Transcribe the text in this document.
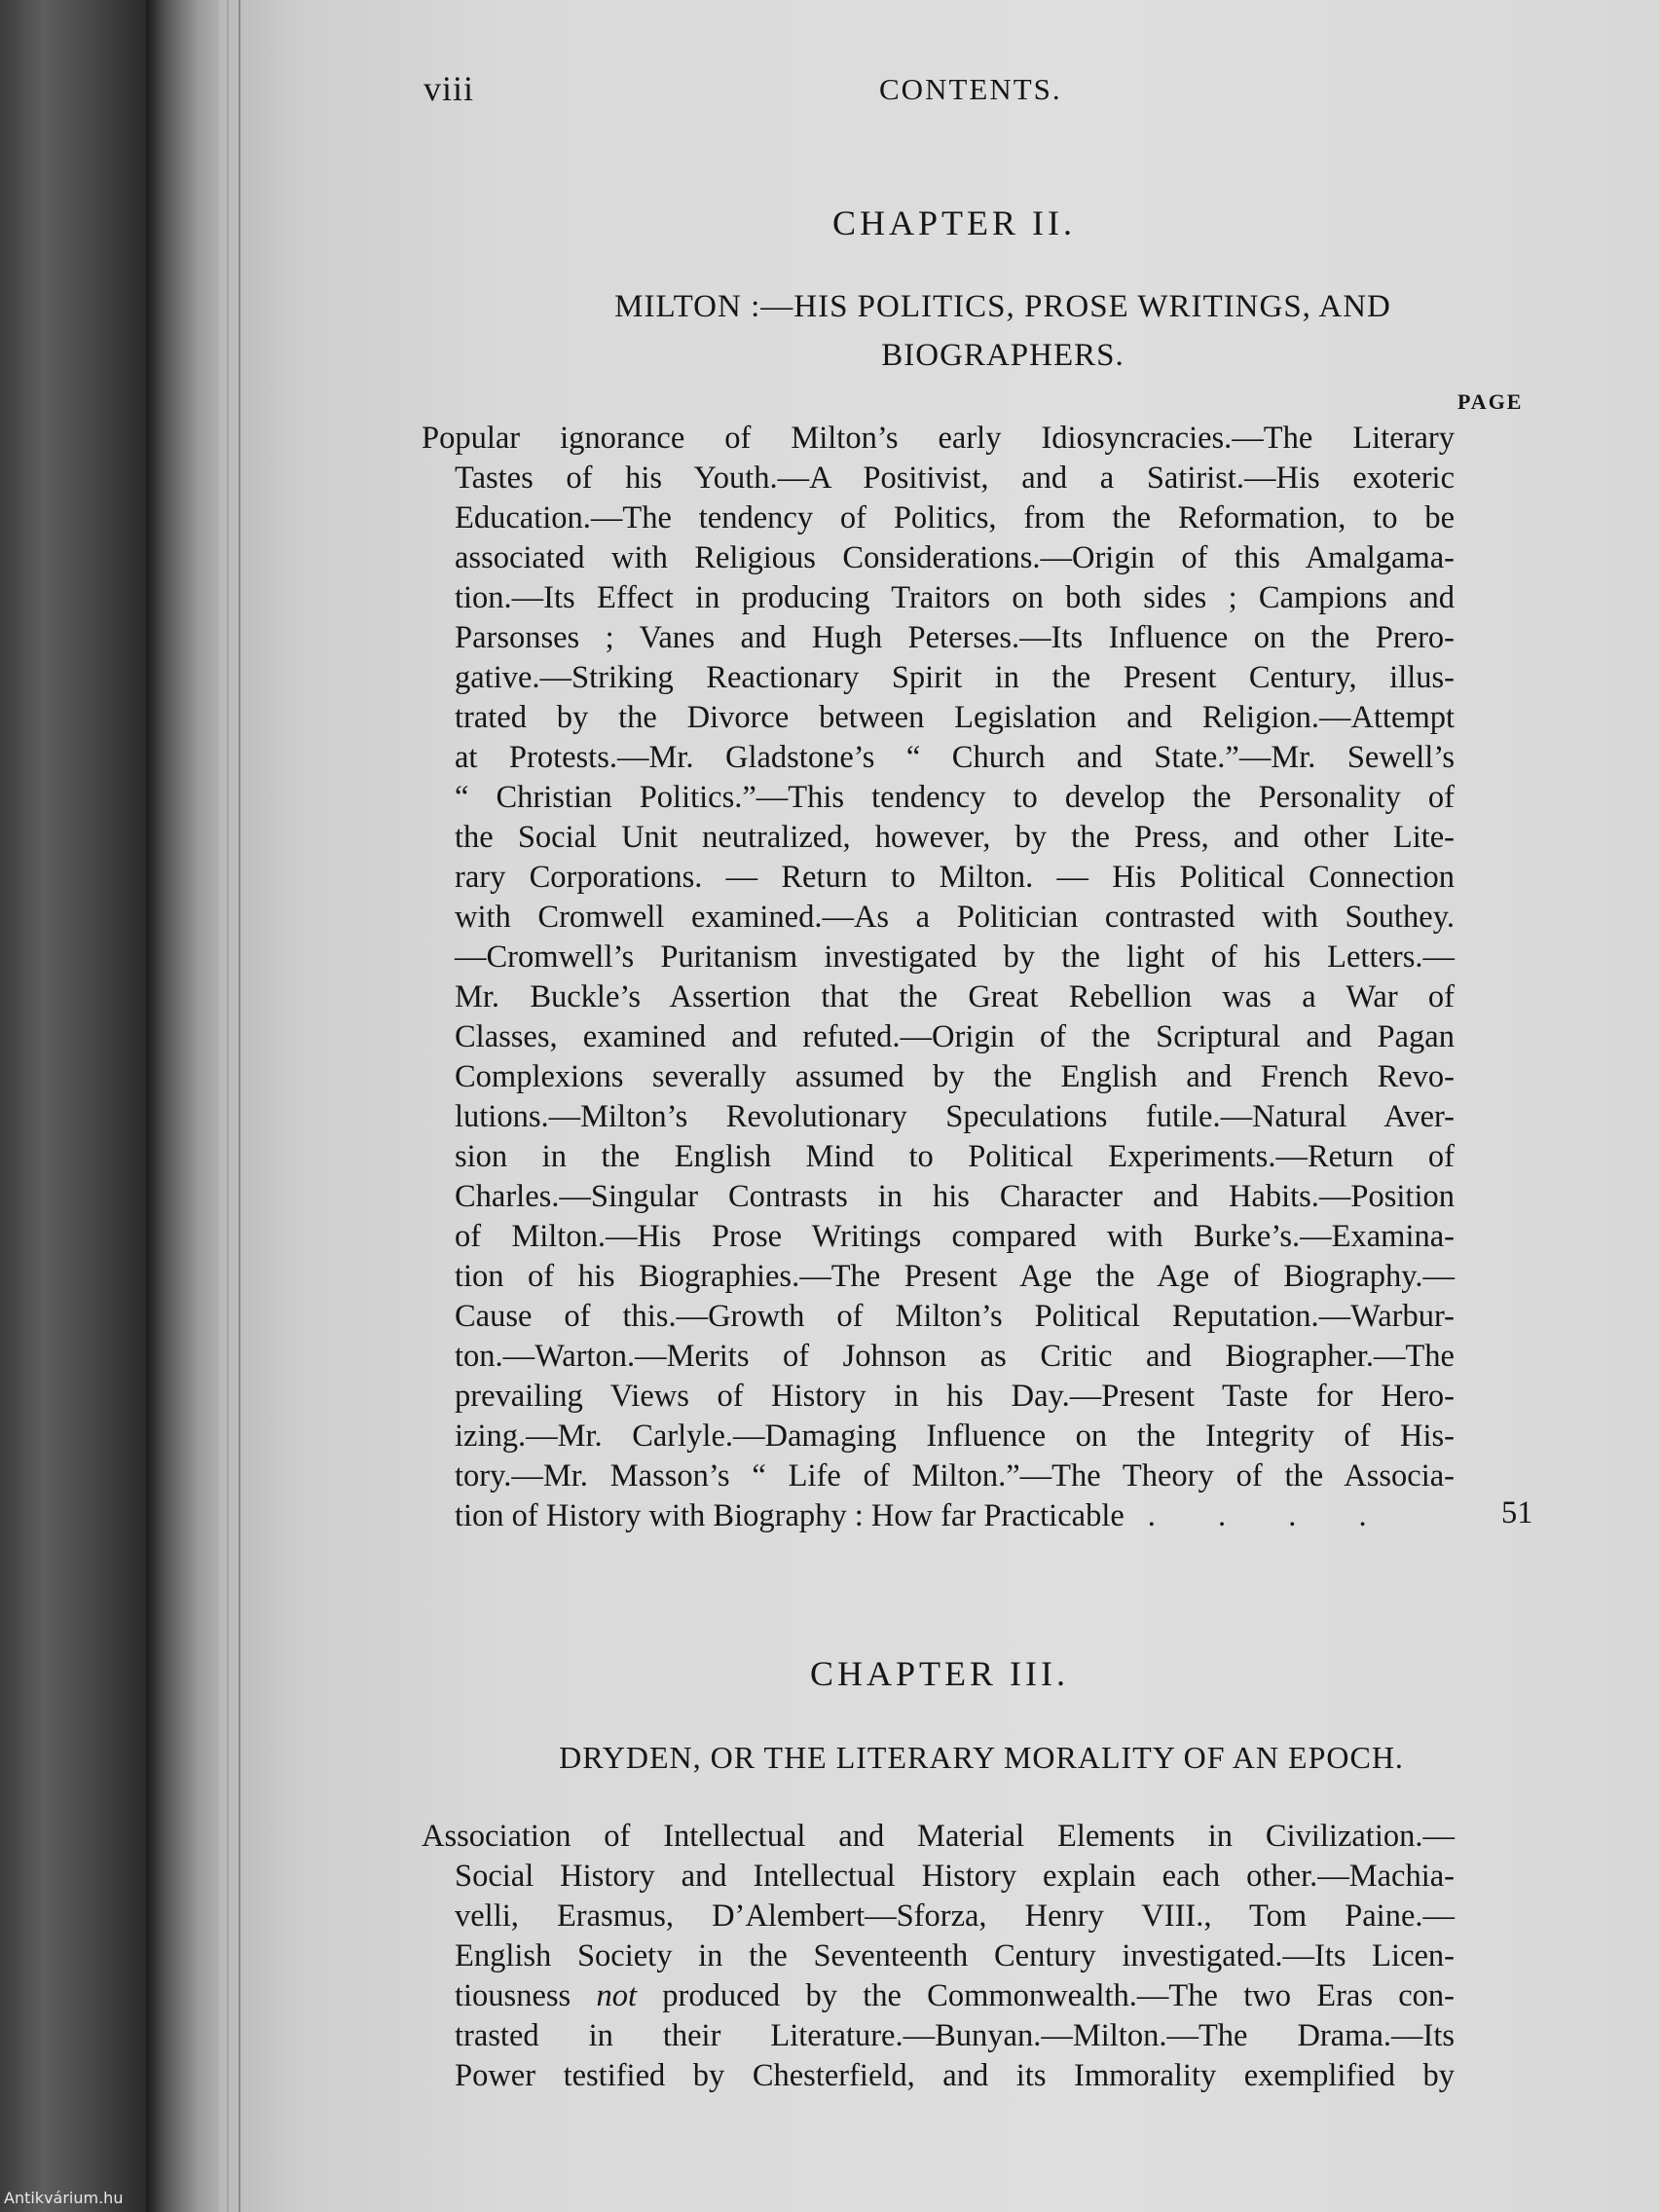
viii	CONTENTS.
CHAPTER II.
MILTON :—HIS POLITICS, PROSE WRITINGS, AND
BIOGRAPHERS.
PAGE
Popular ignorance of Milton’s early Idiosyncracies.—The Literary
Tastes of his Youth.—A Positivist, and a Satirist.—His exoteric
Education.—The tendency of Politics, from the Reformation, to be
associated with Religious Considerations.—Origin of this Amalgama-
tion.—Its Effect in producing Traitors on both sides ; Campions and
Parsonses ; Vanes and Hugh Peterses.—Its Influence on the Prero-
gative.—Striking Reactionary Spirit in the Present Century, illus-
trated by the Divorce between Legislation and Religion.—Attempt
at Protests.—Mr. Gladstone’s “ Church and State.”—Mr. Sewell’s
“ Christian Politics.”—This tendency to develop the Personality of
the Social Unit neutralized, however, by the Press, and other Lite-
rary Corporations. — Return to Milton. — His Political Connection
with Cromwell examined.—As a Politician contrasted with Southey.
—Cromwell’s Puritanism investigated by the light of his Letters.—
Mr. Buckle’s Assertion that the Great Rebellion was a War of
Classes, examined and refuted.—Origin of the Scriptural and Pagan
Complexions severally assumed by the English and French Revo-
lutions.—Milton’s Revolutionary Speculations futile.—Natural Aver-
sion in the English Mind to Political Experiments.—Return of
Charles.—Singular Contrasts in his Character and Habits.—Position
of Milton.—His Prose Writings compared with Burke’s.—Examina-
tion of his Biographies.—The Present Age the Age of Biography.—
Cause of this.—Growth of Milton’s Political Reputation.—Warbur-
ton.—Warton.—Merits of Johnson as Critic and Biographer.—The
prevailing Views of History in his Day.—Present Taste for Hero-
izing.—Mr. Carlyle.—Damaging Influence on the Integrity of His-
tory.—Mr. Masson’s “ Life of Milton.”—The Theory of the Associa-
tion of History with Biography : How far Practicable . . . .	51
CHAPTER III.
DRYDEN, OR THE LITERARY MORALITY OF AN EPOCH.
Association of Intellectual and Material Elements in Civilization.—
Social History and Intellectual History explain each other.—Machia-
velli, Erasmus, D’Alembert—Sforza, Henry VIII., Tom Paine.—
English Society in the Seventeenth Century investigated.—Its Licen-
tiousness not produced by the Commonwealth.—The two Eras con-
trasted in their Literature.—Bunyan.—Milton.—The Drama.—Its
Power testified by Chesterfield, and its Immorality exemplified by
Antikvárium.hu
